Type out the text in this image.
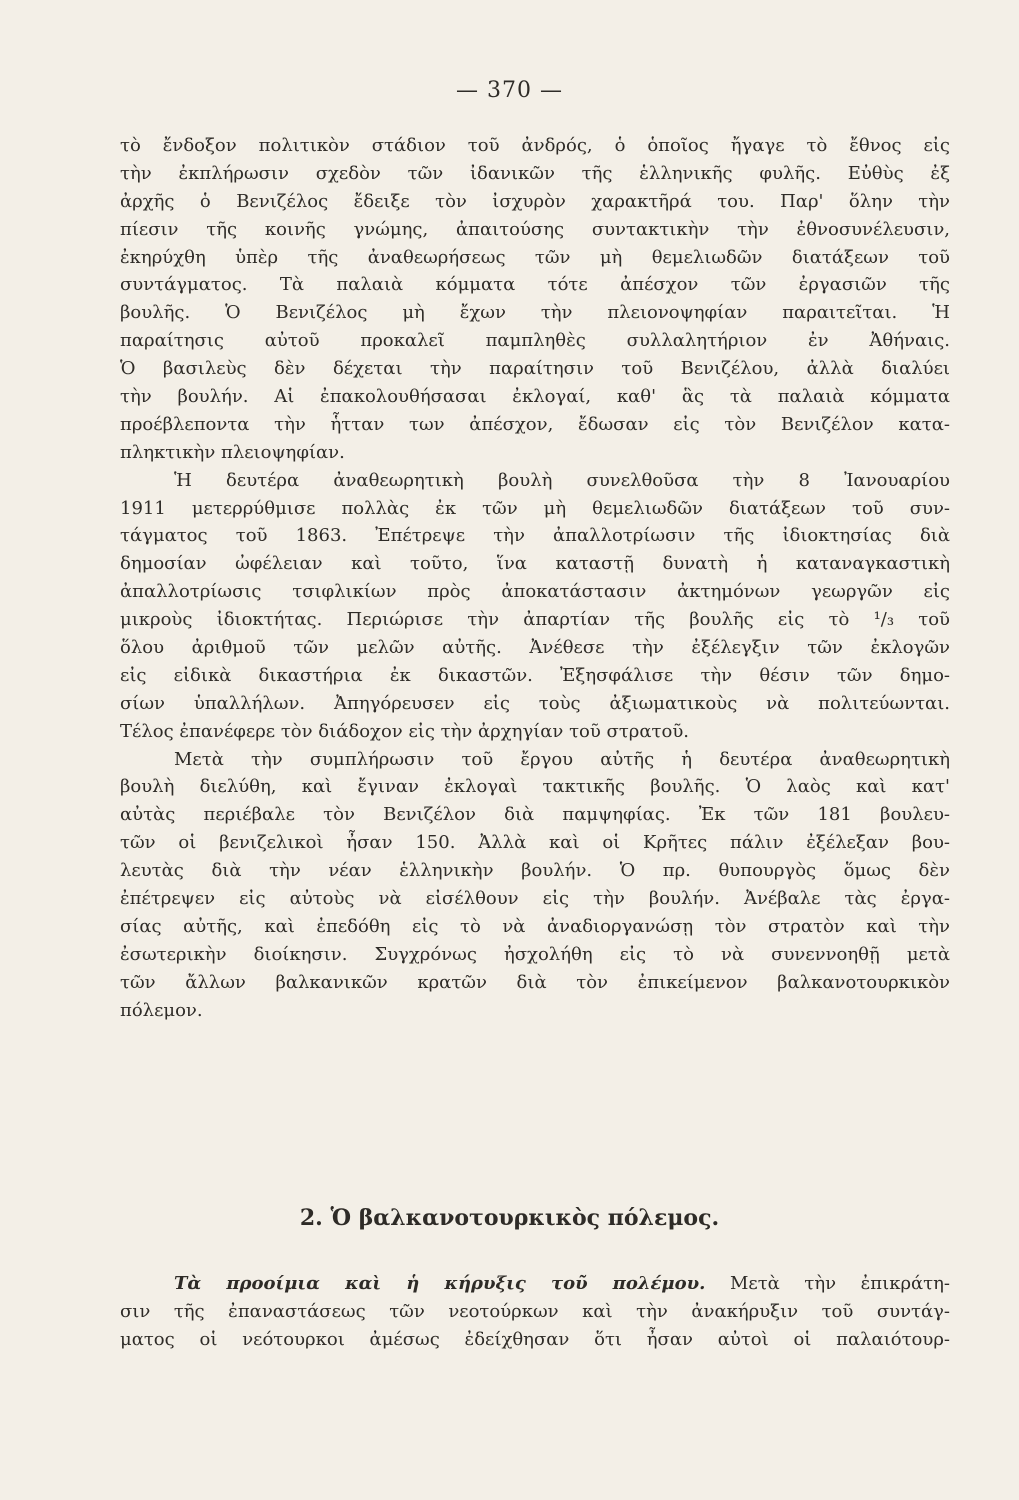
— 370 —
τὸ ἔνδοξον πολιτικὸν στάδιον τοῦ ἀνδρός, ὁ ὁποῖος ἤγαγε τὸ ἔθνος εἰς
τὴν ἐκπλήρωσιν σχεδὸν τῶν ἰδανικῶν τῆς ἑλληνικῆς φυλῆς. Εὐθὺς ἐξ
ἀρχῆς ὁ Βενιζέλος ἔδειξε τὸν ἰσχυρὸν χαρακτῆρά του. Παρ' ὅλην τὴν
πίεσιν τῆς κοινῆς γνώμης, ἀπαιτούσης συντακτικὴν τὴν ἐθνοσυνέλευσιν,
ἐκηρύχθη ὑπὲρ τῆς ἀναθεωρήσεως τῶν μὴ θεμελιωδῶν διατάξεων τοῦ
συντάγματος. Τὰ παλαιὰ κόμματα τότε ἀπέσχον τῶν ἐργασιῶν τῆς
βουλῆς. Ὁ Βενιζέλος μὴ ἔχων τὴν πλειονοψηφίαν παραιτεῖται. Ἡ
παραίτησις αὐτοῦ προκαλεῖ παμπληθὲς συλλαλητήριον ἐν Ἀθήναις.
Ὁ βασιλεὺς δὲν δέχεται τὴν παραίτησιν τοῦ Βενιζέλου, ἀλλὰ διαλύει
τὴν βουλήν. Αἱ ἐπακολουθήσασαι ἐκλογαί, καθ' ἃς τὰ παλαιὰ κόμματα
προέβλεποντα τὴν ἧτταν των ἀπέσχον, ἔδωσαν εἰς τὸν Βενιζέλον κατα-
πληκτικὴν πλειοψηφίαν.
Ἡ δευτέρα ἀναθεωρητικὴ βουλὴ συνελθοῦσα τὴν 8 Ἰανουαρίου
1911 μετερρύθμισε πολλὰς ἐκ τῶν μὴ θεμελιωδῶν διατάξεων τοῦ συν-
τάγματος τοῦ 1863. Ἐπέτρεψε τὴν ἀπαλλοτρίωσιν τῆς ἰδιοκτησίας διὰ
δημοσίαν ὠφέλειαν καὶ τοῦτο, ἵνα καταστῇ δυνατὴ ἡ καταναγκαστικὴ
ἀπαλλοτρίωσις τσιφλικίων πρὸς ἀποκατάστασιν ἀκτημόνων γεωργῶν εἰς
μικροὺς ἰδιοκτήτας. Περιώρισε τὴν ἀπαρτίαν τῆς βουλῆς εἰς τὸ ¹/₃ τοῦ
ὅλου ἀριθμοῦ τῶν μελῶν αὐτῆς. Ἀνέθεσε τὴν ἐξέλεγξιν τῶν ἐκλογῶν
εἰς εἰδικὰ δικαστήρια ἐκ δικαστῶν. Ἐξησφάλισε τὴν θέσιν τῶν δημο-
σίων ὑπαλλήλων. Ἀπηγόρευσεν εἰς τοὺς ἀξιωματικοὺς νὰ πολιτεύωνται.
Τέλος ἐπανέφερε τὸν διάδοχον εἰς τὴν ἀρχηγίαν τοῦ στρατοῦ.
Μετὰ τὴν συμπλήρωσιν τοῦ ἔργου αὐτῆς ἡ δευτέρα ἀναθεωρητικὴ
βουλὴ διελύθη, καὶ ἔγιναν ἐκλογαὶ τακτικῆς βουλῆς. Ὁ λαὸς καὶ κατ'
αὐτὰς περιέβαλε τὸν Βενιζέλον διὰ παμψηφίας. Ἐκ τῶν 181 βουλευ-
τῶν οἱ βενιζελικοὶ ἦσαν 150. Ἀλλὰ καὶ οἱ Κρῆτες πάλιν ἐξέλεξαν βου-
λευτὰς διὰ τὴν νέαν ἑλληνικὴν βουλήν. Ὁ πρ. θυπουργὸς ὅμως δὲν
ἐπέτρεψεν εἰς αὐτοὺς νὰ εἰσέλθουν εἰς τὴν βουλήν. Ἀνέβαλε τὰς ἐργα-
σίας αὐτῆς, καὶ ἐπεδόθη εἰς τὸ νὰ ἀναδιοργανώσῃ τὸν στρατὸν καὶ τὴν
ἐσωτερικὴν διοίκησιν. Συγχρόνως ἠσχολήθη εἰς τὸ νὰ συνεννοηθῇ μετὰ
τῶν ἄλλων βαλκανικῶν κρατῶν διὰ τὸν ἐπικείμενον βαλκανοτουρκικὸν
πόλεμον.
2. Ὁ βαλκανοτουρκικὸς πόλεμος.
Τὰ προοίμια καὶ ἡ κήρυξις τοῦ πολέμου. Μετὰ τὴν ἐπικράτη-
σιν τῆς ἐπαναστάσεως τῶν νεοτούρκων καὶ τὴν ἀνακήρυξιν τοῦ συντάγ-
ματος οἱ νεότουρκοι ἀμέσως ἐδείχθησαν ὅτι ἦσαν αὐτοὶ οἱ παλαιότουρ-
